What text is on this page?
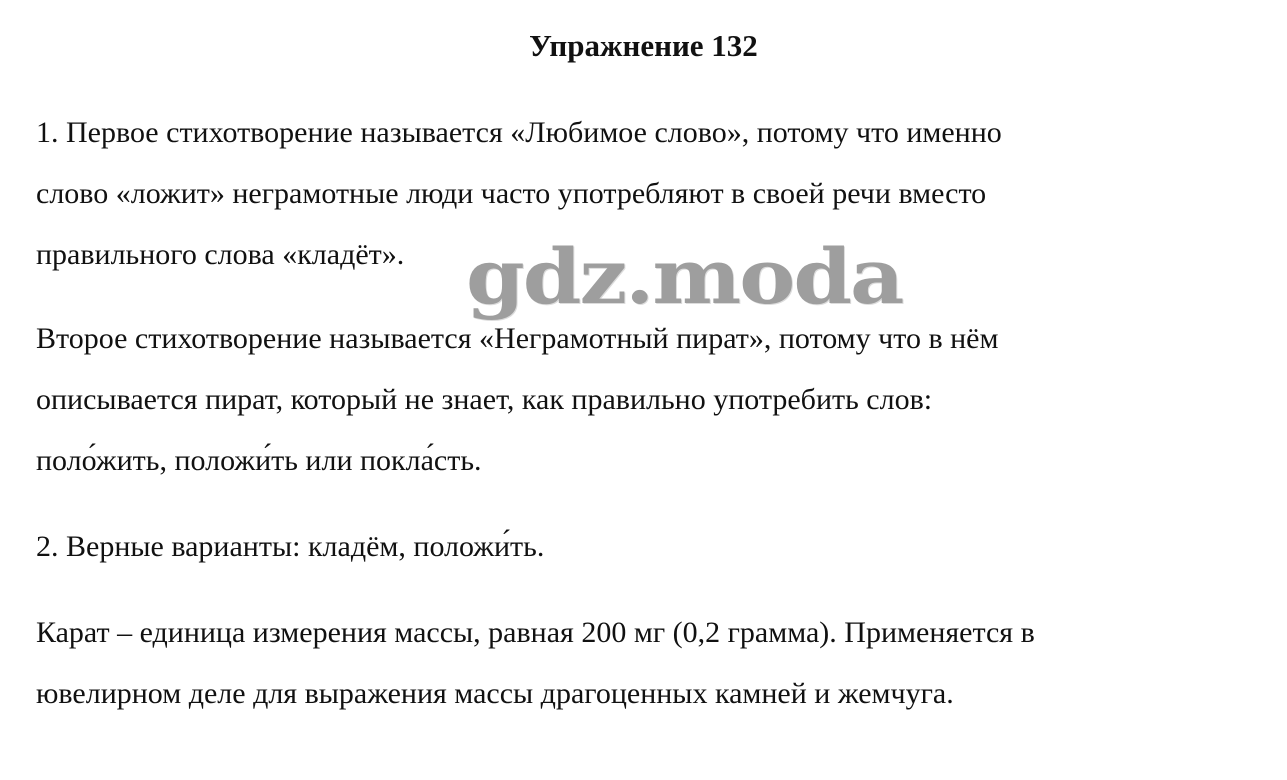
Упражнение 132

1. Первое стихотворение называется «Любимое слово», потому что именно
слово «ложит» неграмотные люди часто употребляют в своей речи вместо
правильного слова «кладёт».

Второе стихотворение называется «Неграмотный пират», потому что в нём
описывается пират, который не знает, как правильно употребить слов:
поло́жить, положи́ть или покла́сть.

2. Верные варианты: кладём, положи́ть.

Карат – единица измерения массы, равная 200 мг (0,2 грамма). Применяется в
ювелирном деле для выражения массы драгоценных камней и жемчуга.

gdz.moda
